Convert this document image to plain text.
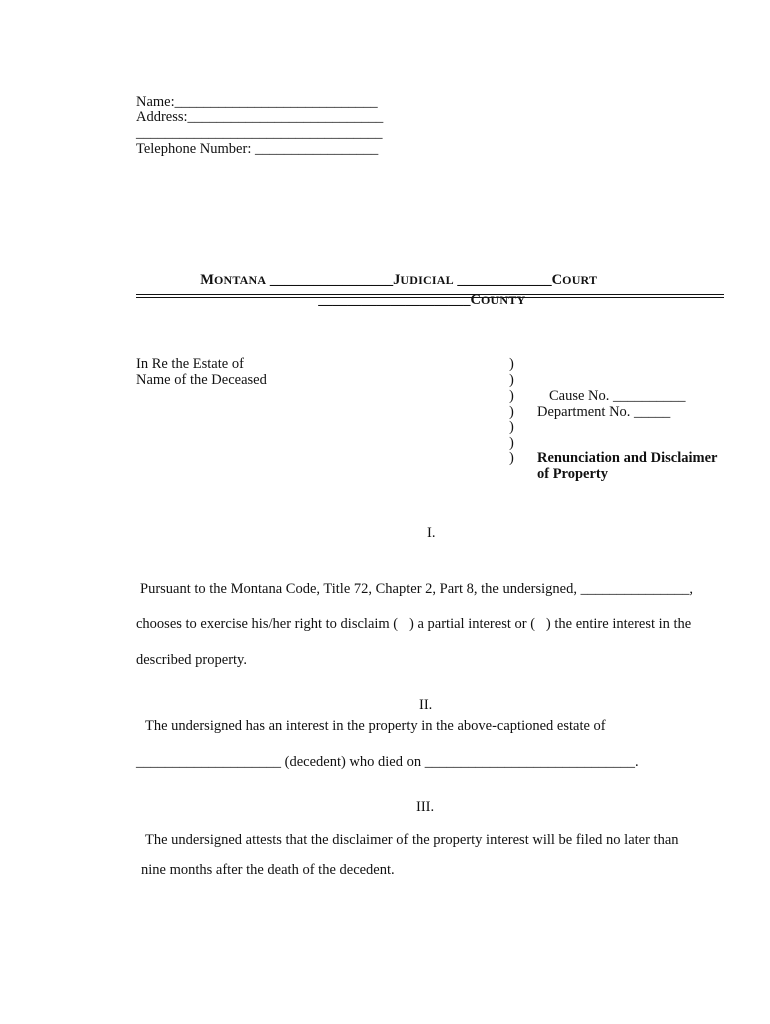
Name:____________________________
Address:___________________________
__________________________________
Telephone Number: _________________

MONTANA _________________JUDICIAL _____________COURT

_____________________COUNTY

In Re the Estate of
Name of the Deceased
)
)
)
)
)
)
)
Cause No. __________
Department No. _____
Renunciation and Disclaimer
of Property
I.
Pursuant to the Montana Code, Title 72, Chapter 2, Part 8, the undersigned, _______________,
chooses to exercise his/her right to disclaim (   ) a partial interest or (   ) the entire interest in the
described property.
II.
The undersigned has an interest in the property in the above-captioned estate of
____________________ (decedent) who died on _____________________________.
III.
The undersigned attests that the disclaimer of the property interest will be filed no later than
nine months after the death of the decedent.
